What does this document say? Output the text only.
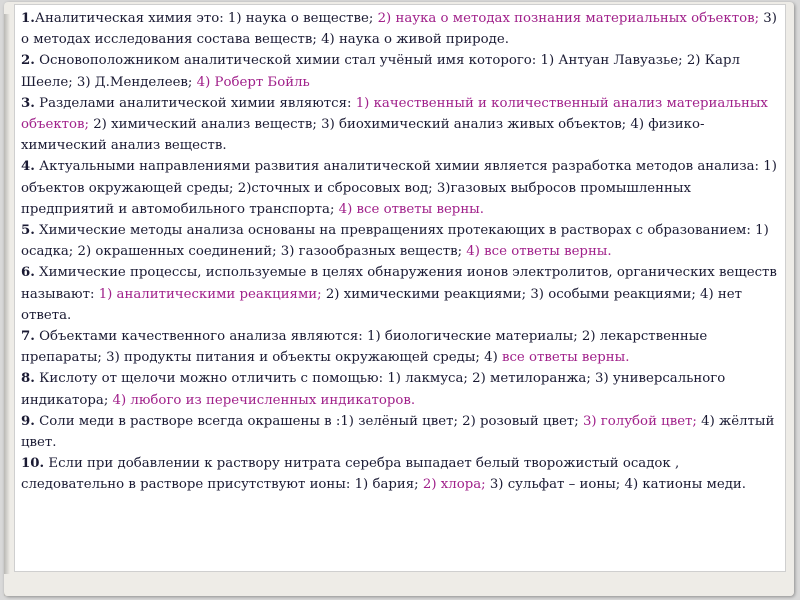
1.Аналитическая химия это: 1) наука о веществе; 2) наука о методах познания материальных объектов; 3) о методах исследования состава веществ; 4) наука о живой природе.
2. Основоположником аналитической химии стал учёный имя которого: 1) Антуан Лавуазье; 2) Карл Шееле; 3) Д.Менделеев; 4) Роберт Бойль
3. Разделами аналитической химии являются: 1) качественный и количественный анализ материальных объектов; 2) химический анализ веществ; 3) биохимический анализ живых объектов; 4) физико-химический анализ веществ.
4. Актуальными направлениями развития аналитической химии является разработка методов анализа: 1) объектов окружающей среды; 2)сточных и сбросовых вод; 3)газовых выбросов промышленных предприятий и автомобильного транспорта; 4) все ответы верны.
5. Химические методы анализа основаны на превращениях протекающих в растворах с образованием: 1) осадка; 2) окрашенных соединений; 3) газообразных веществ; 4) все ответы верны.
6. Химические процессы, используемые в целях обнаружения ионов электролитов, органических веществ называют: 1) аналитическими реакциями; 2) химическими реакциями; 3) особыми реакциями; 4) нет ответа.
7. Объектами качественного анализа являются: 1) биологические материалы; 2) лекарственные препараты; 3) продукты питания и объекты окружающей среды; 4) все ответы верны.
8. Кислоту от щелочи можно отличить с помощью: 1) лакмуса; 2) метилоранжа; 3) универсального индикатора; 4) любого из перечисленных индикаторов.
9. Соли меди в растворе всегда окрашены в :1) зелёный цвет; 2) розовый цвет; 3) голубой цвет; 4) жёлтый цвет.
10. Если при добавлении к раствору нитрата серебра выпадает белый творожистый осадок , следовательно в растворе присутствуют ионы: 1) бария; 2) хлора; 3) сульфат – ионы; 4) катионы меди.
